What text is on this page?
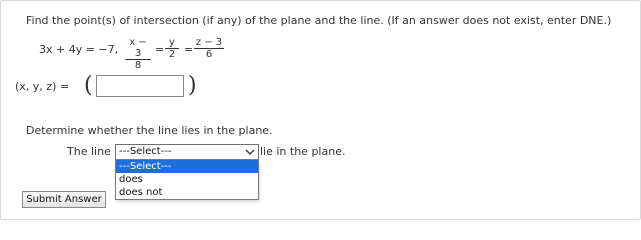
Find the point(s) of intersection (if any) of the plane and the line. (If an answer does not exist, enter DNE.)
3x + 4y = −7, $\frac{x - 3}{8} = \frac{y}{2} = \frac{z - 3}{6}$
(x, y, z) = (	)
Determine whether the line lies in the plane.
The line ---Select---	lie in the plane.
---Select---
does
does not
Submit Answer
